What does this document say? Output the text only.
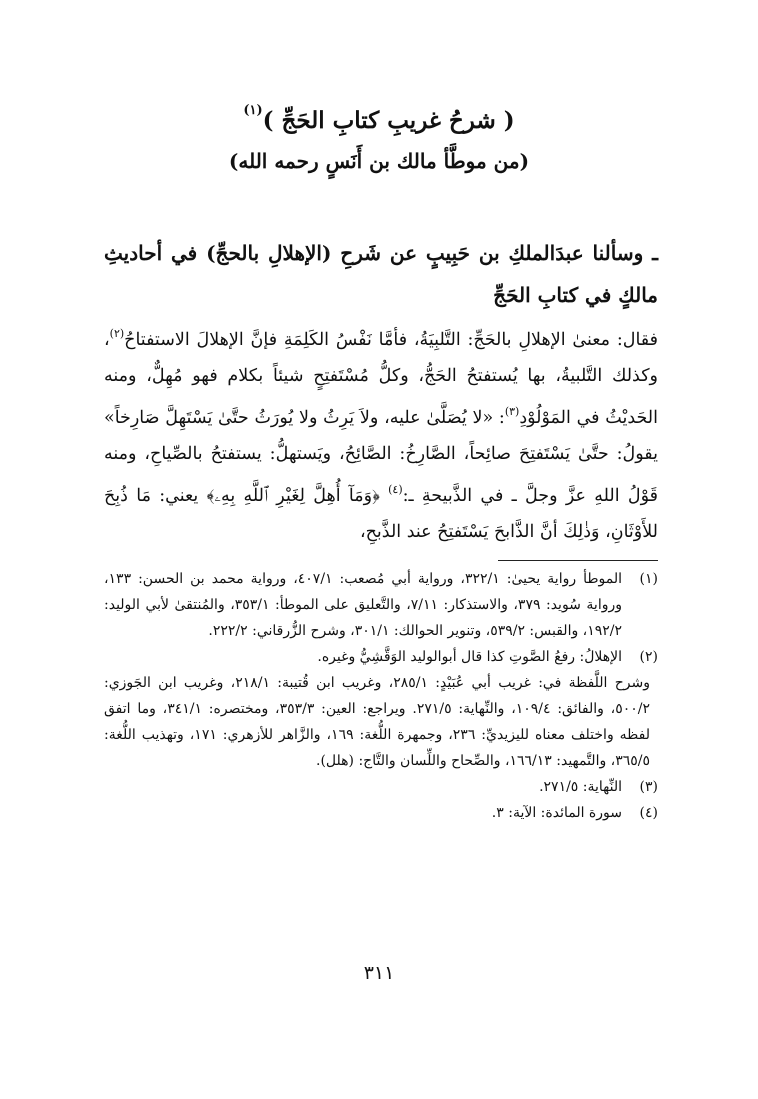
( شرحُ غريبِ كتابِ الحَجِّ )$^{(١)}$
(من موطَّأ مالك بن أَنَسٍ رحمه الله)
ـ وسألنا عبدَالملكِ بن حَبِيبٍ عن شَرحِ (الإهلالِ بالحجِّ) في أحاديثِ مالكٍ في كتابِ الحَجِّ
فقال: معنىٰ الإهلالِ بالحَجِّ: التَّلبِيَةُ، فأمَّا نَفْسُ الكَلِمَةِ فإنَّ الإهلالَ الاستفتاحُ$^{(٢)}$، وكذلك التَّلبيةُ، بها يُستفتحُ الحَجُّ، وكلُّ مُسْتَفتِحٍ شيئاً بكلام فهو مُهِلٌّ، ومنه الحَديْثُ في المَوْلُوْدِ$^{(٣)}$: «لا يُصَلَّىٰ عليه، ولاَ يَرِثُ ولا يُورَثُ حتَّىٰ يَسْتَهِلَّ صَارِخاً» يقولُ: حتَّىٰ يَسْتَفتِحَ صائِحاً، الصَّارِخُ: الصَّائِحُ، ويَستهلُّ: يستفتحُ بالصِّياحِ، ومنه قَوْلُ اللهِ عزَّ وجلَّ ـ في الذَّبيحةِ ـ:$^{(٤)}$ ﴿وَمَآ أُهِلَّ لِغَيْرِ ٱللَّهِ بِهِۦ﴾ يعني: مَا ذُبِحَ للأَوْثَانِ، وَذٰلِكَ أنَّ الذَّابحَ يَسْتَفتِحُ عند الذَّبحِ،
(١)
الموطأ رواية يحيىٰ: ٣٢٢/١، ورواية أبي مُصعب: ٤٠٧/١، ورواية محمد بن الحسن: ١٣٣، ورواية سُويد: ٣٧٩، والاستذكار: ٧/١١، والتَّعليق على الموطأ: ٣٥٣/١، والمُنتقىٰ لأبي الوليد: ١٩٢/٢، والقبس: ٥٣٩/٢، وتنوير الحوالك: ٣٠١/١، وشرح الزُّرقاني: ٢٢٢/٢.
(٢)
الإهلالُ: رفعُ الصَّوتِ كذا قال أبوالوليد الوَقَّشِيُّ وغيره.
وشرح اللَّفظة في: غريب أبي عُبَيْدٍ: ٢٨٥/١، وغريب ابن قُتيبة: ٢١٨/١، وغريب ابن الجَوزي: ٥٠٠/٢، والفائق: ١٠٩/٤، والنِّهاية: ٢٧١/٥. ويراجع: العين: ٣٥٣/٣، ومختصره: ٣٤١/١، وما اتفق لفظه واختلف معناه لليزيديِّ: ٢٣٦، وجمهرة اللُّغة: ١٦٩، والزَّاهر للأزهري: ١٧١، وتهذيب اللُّغة: ٣٦٥/٥، والتَّمهيد: ١٦٦/١٣، والصِّحاح واللِّسان والتَّاج: (هلل).
(٣)
النِّهاية: ٢٧١/٥.
(٤)
سورة المائدة: الآية: ٣.
٣١١
